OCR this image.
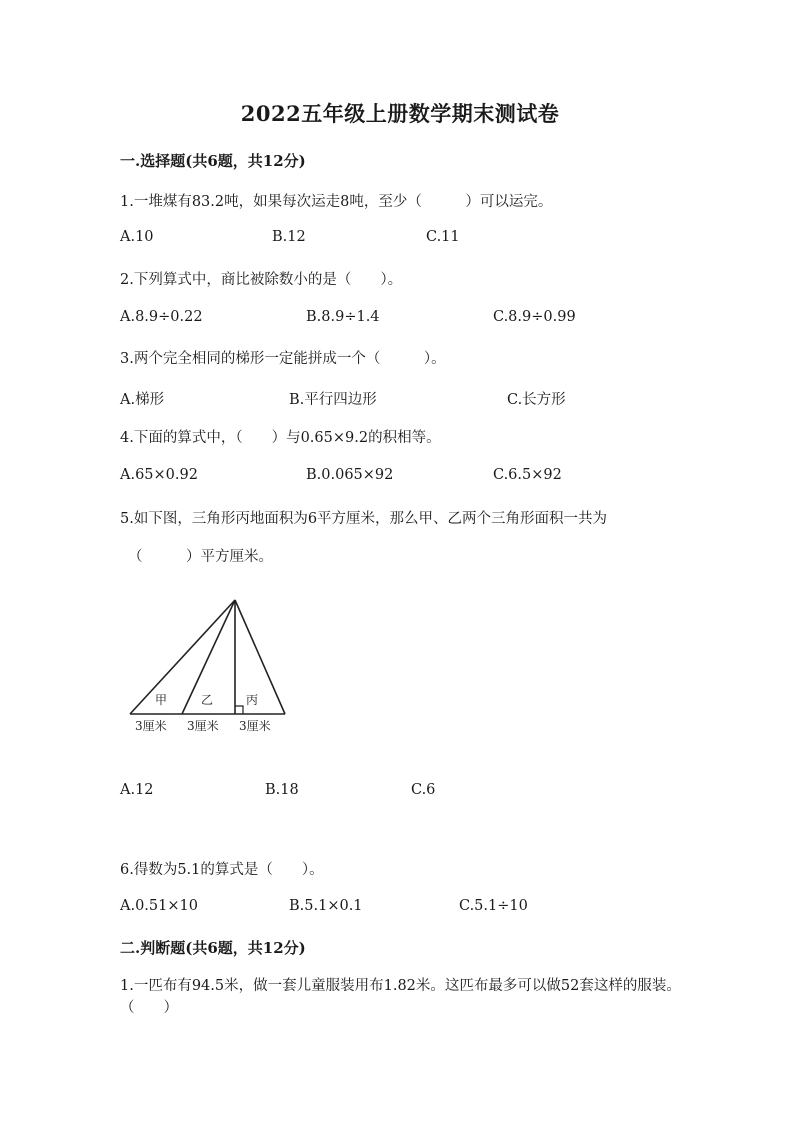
2022五年级上册数学期末测试卷
一.选择题(共6题，共12分)
1.一堆煤有83.2吨，如果每次运走8吨，至少（　　　）可以运完。
A.10	B.12	C.11
2.下列算式中，商比被除数小的是（　　）。
A.8.9÷0.22	B.8.9÷1.4	C.8.9÷0.99
3.两个完全相同的梯形一定能拼成一个（　　　）。
A.梯形	B.平行四边形	C.长方形
4.下面的算式中，（　　）与0.65×9.2的积相等。
A.65×0.92	B.0.065×92	C.6.5×92
5.如下图，三角形丙地面积为6平方厘米，那么甲、乙两个三角形面积一共为
（　　　）平方厘米。
甲	乙	丙
3厘米 3厘米 3厘米
A.12	B.18	C.6
6.得数为5.1的算式是（　　）。
A.0.51×10	B.5.1×0.1	C.5.1÷10
二.判断题(共6题，共12分)
1.一匹布有94.5米，做一套儿童服装用布1.82米。这匹布最多可以做52套这样的服装。（　　）
